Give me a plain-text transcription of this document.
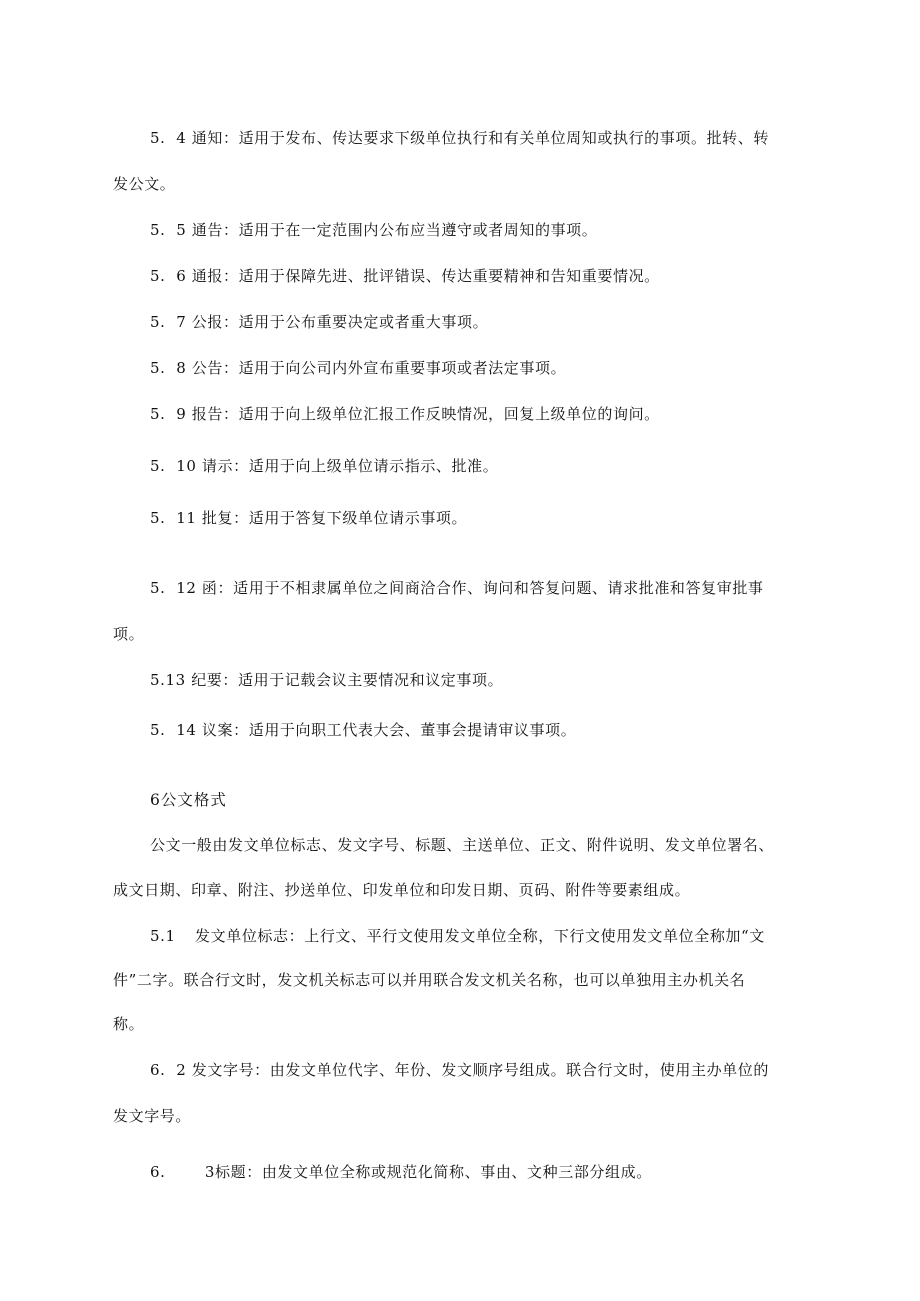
5.  4 通知：适用于发布、传达要求下级单位执行和有关单位周知或执行的事项。批转、转
发公文。
5.  5 通告：适用于在一定范围内公布应当遵守或者周知的事项。
5.  6 通报：适用于保障先进、批评错误、传达重要精神和告知重要情况。
5.  7 公报：适用于公布重要决定或者重大事项。
5.  8 公告：适用于向公司内外宣布重要事项或者法定事项。
5.  9 报告：适用于向上级单位汇报工作反映情况，回复上级单位的询问。
5.  10 请示：适用于向上级单位请示指示、批准。
5.  11 批复：适用于答复下级单位请示事项。
5.  12 函：适用于不相隶属单位之间商洽合作、询问和答复问题、请求批准和答复审批事
项。
5.13 纪要：适用于记载会议主要情况和议定事项。
5.  14 议案：适用于向职工代表大会、董事会提请审议事项。
6公文格式
公文一般由发文单位标志、发文字号、标题、主送单位、正文、附件说明、发文单位署名、
成文日期、印章、附注、抄送单位、印发单位和印发日期、页码、附件等要素组成。
5.1 发文单位标志：上行文、平行文使用发文单位全称，下行文使用发文单位全称加“文
件”二字。联合行文时，发文机关标志可以并用联合发文机关名称，也可以单独用主办机关名
称。
6.  2 发文字号：由发文单位代字、年份、发文顺序号组成。联合行文时，使用主办单位的
发文字号。
6.	3标题：由发文单位全称或规范化简称、事由、文种三部分组成。
